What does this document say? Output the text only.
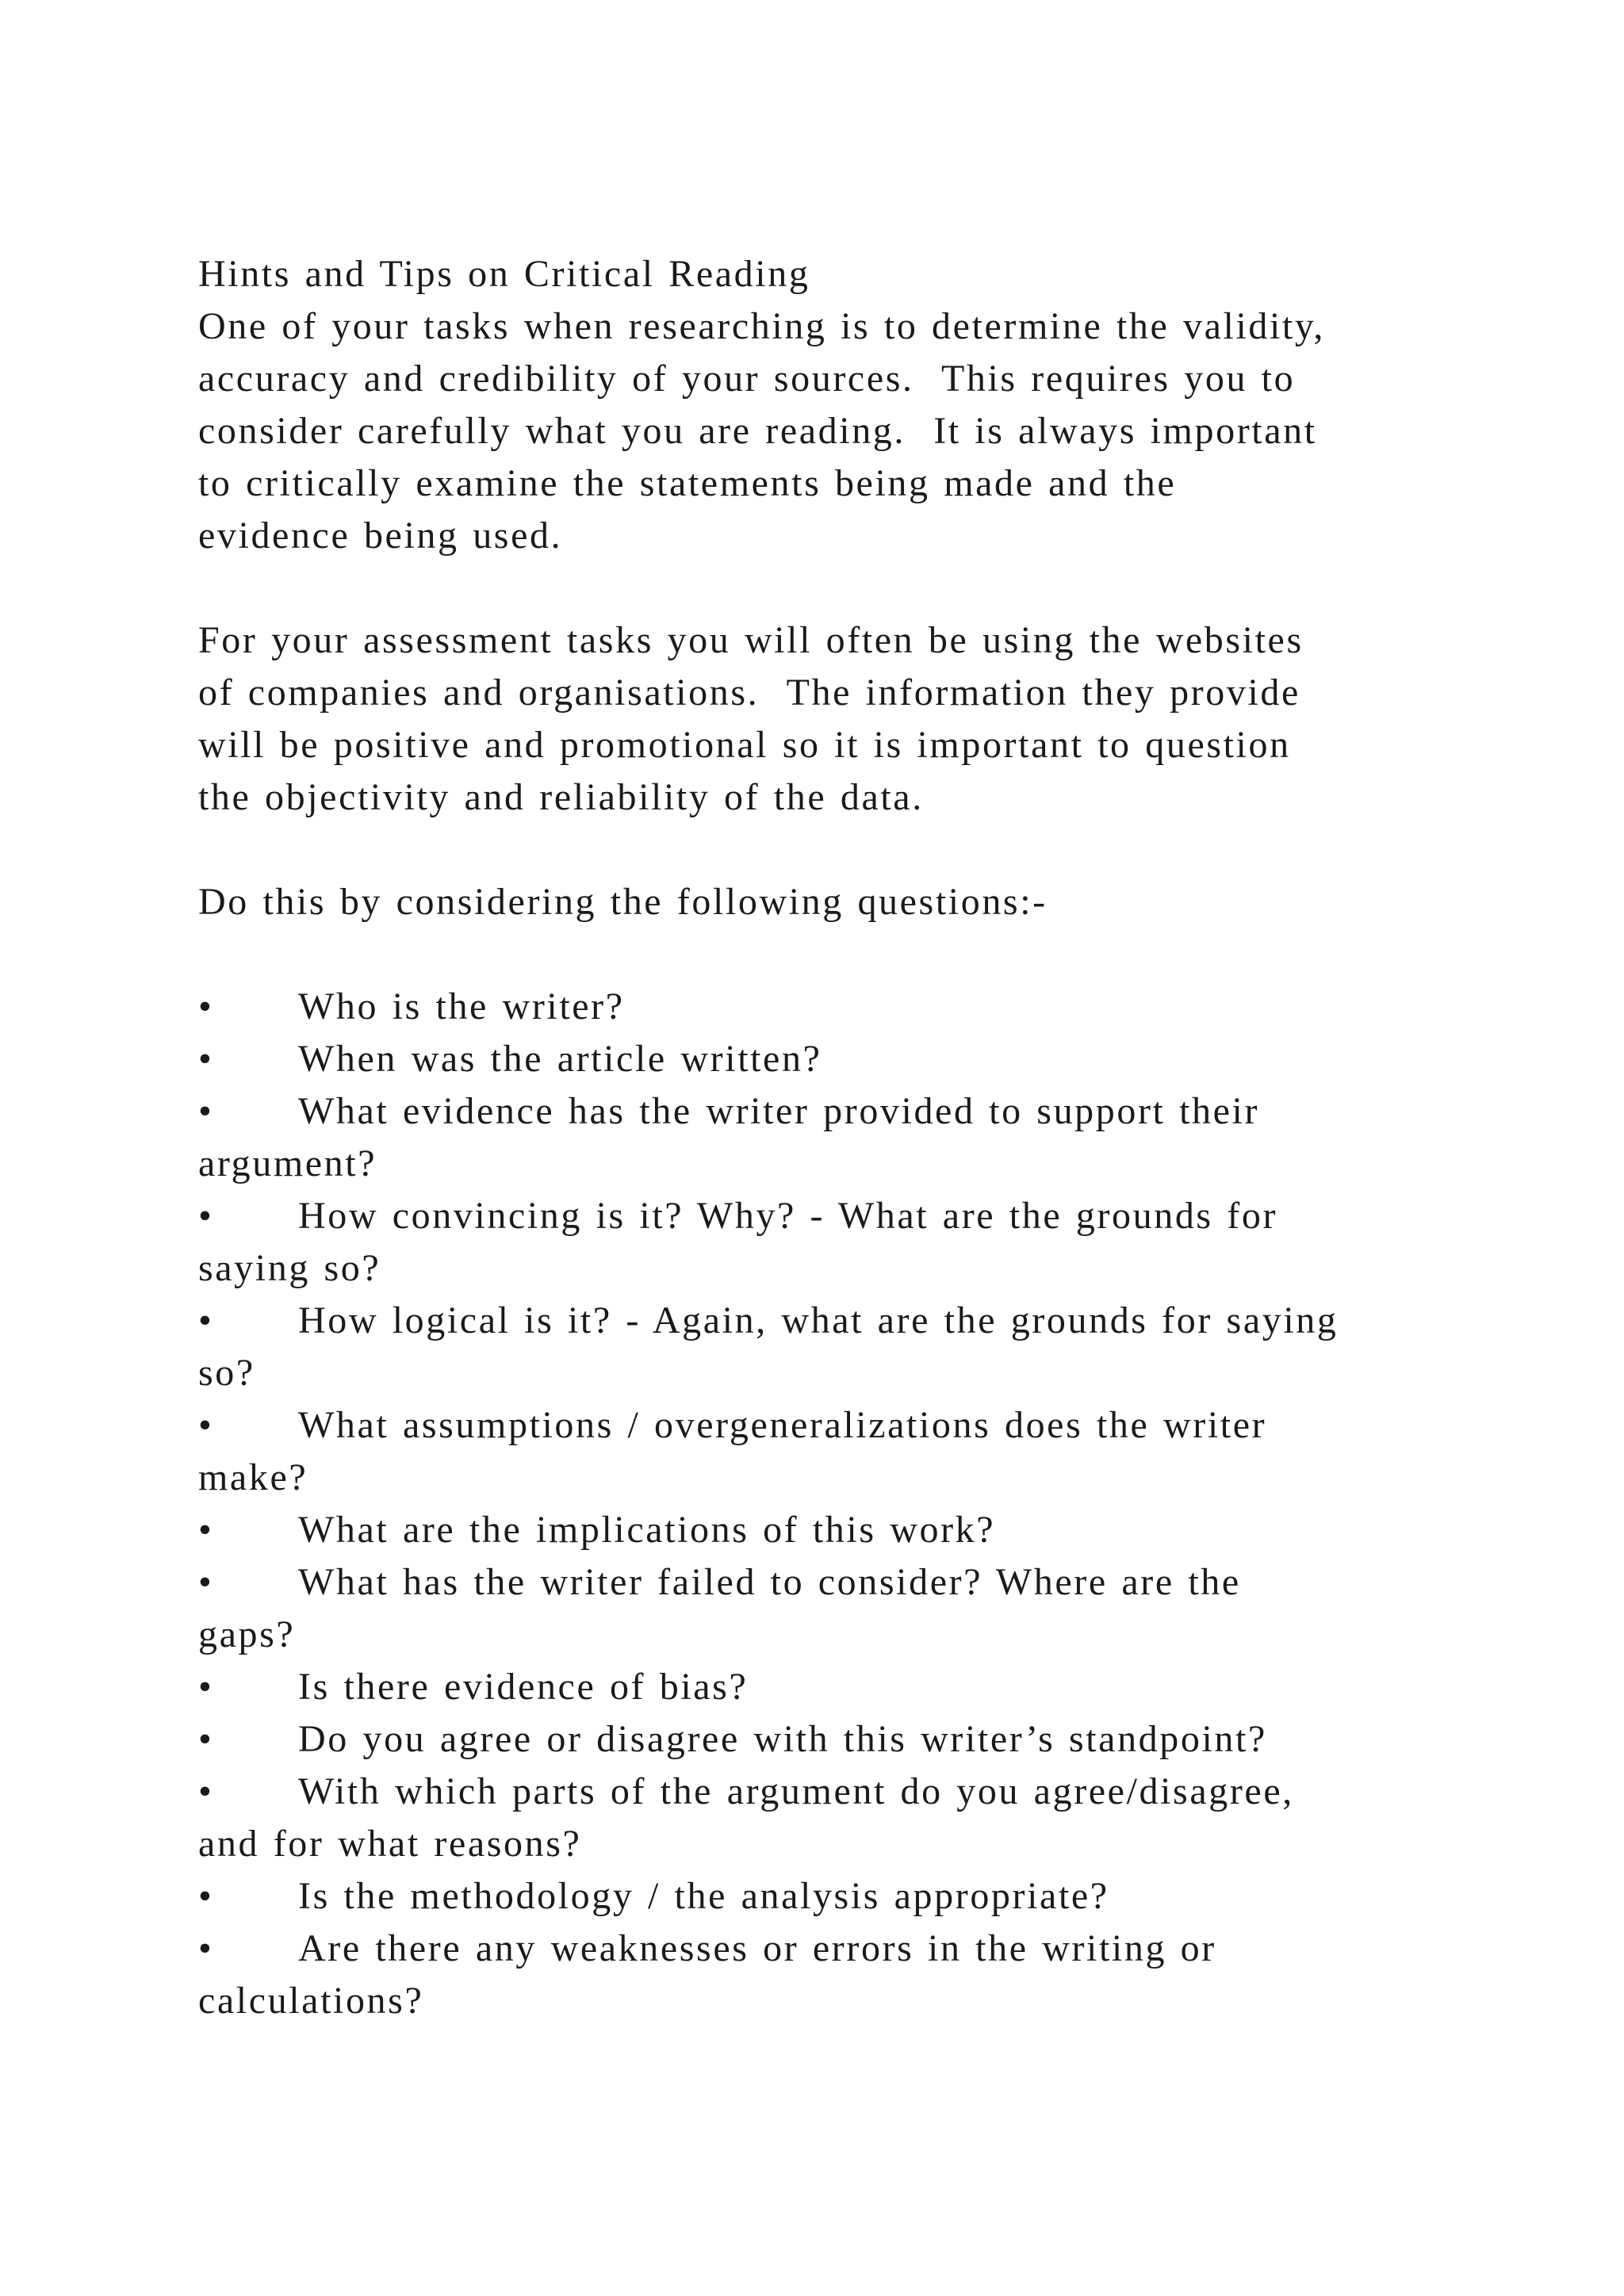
Hints and Tips on Critical Reading
One of your tasks when researching is to determine the validity,
accuracy and credibility of your sources.  This requires you to
consider carefully what you are reading.  It is always important
to critically examine the statements being made and the
evidence being used.
For your assessment tasks you will often be using the websites
of companies and organisations.  The information they provide
will be positive and promotional so it is important to question
the objectivity and reliability of the data.
Do this by considering the following questions:-
• Who is the writer?
• When was the article written?
• What evidence has the writer provided to support their
argument?
• How convincing is it? Why? - What are the grounds for
saying so?
• How logical is it? - Again, what are the grounds for saying
so?
• What assumptions / overgeneralizations does the writer
make?
• What are the implications of this work?
• What has the writer failed to consider? Where are the
gaps?
• Is there evidence of bias?
• Do you agree or disagree with this writer’s standpoint?
• With which parts of the argument do you agree/disagree,
and for what reasons?
• Is the methodology / the analysis appropriate?
• Are there any weaknesses or errors in the writing or
calculations?
